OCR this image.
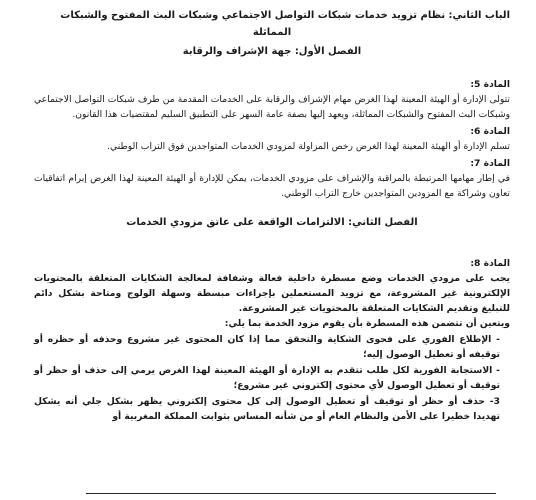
الباب الثاني: نظام تزويد خدمات شبكات التواصل الاجتماعي وشبكات البث المفتوح والشبكات
المماثلة
الفصل الأول: جهة الإشراف والرقابة
المادة 5:
تتولى الإدارة أو الهيئة المعينة لهذا الغرض مهام الإشراف والرقابة على الخدمات المقدمة من طرف شبكات التواصل الاجتماعي وشبكات البث المفتوح والشبكات المماثلة، ويعهد إليها بصفة عامة السهر على التطبيق السليم لمقتضيات هذا القانون.
المادة 6:
تسلم الإدارة أو الهيئة المعينة لهذا الغرض رخص المزاولة لمزودي الخدمات المتواجدين فوق التراب الوطني.
المادة 7:
في إطار مهامها المرتبطة بالمراقبة والإشراف على مزودي الخدمات، يمكن للإدارة أو الهيئة المعينة لهذا الغرض إبرام اتفاقيات تعاون وشراكة مع المزودين المتواجدين خارج التراب الوطني.
الفصل الثاني: الالتزامات الواقعة على عاتق مزودي الخدمات
المادة 8:
يجب على مزودي الخدمات وضع مسطرة داخلية فعالة وشفافة لمعالجة الشكايات المتعلقة بالمحتويات الإلكترونية غير المشروعة، مع تزويد المستعملين بإجراءات مبسطة وسهلة الولوج ومتاحة بشكل دائم للتبليغ وتقديم الشكايات المتعلقة بالمحتويات غير المشروعة.
ويتعين أن تتضمن هذه المسطرة بأن يقوم مزود الخدمة بما يلي:
- الإطلاع الفوري على فحوى الشكاية والتحقق مما إذا كان المحتوى غير مشروع وحذفه أو حظره أو توقيفه أو تعطيل الوصول إليه؛
- الاستجابة الفورية لكل طلب تتقدم به الإدارة أو الهيئة المعينة لهذا الغرض يرمي إلى حذف أو حظر أو توقيف أو تعطيل الوصول لأي محتوى إلكتروني غير مشروع؛
3- حذف أو حظر أو توقيف أو تعطيل الوصول إلى كل محتوى إلكتروني يظهر بشكل جلي أنه يشكل تهديدا خطيرا على الأمن والنظام العام أو من شأنه المساس بثوابت المملكة المغربية أو
